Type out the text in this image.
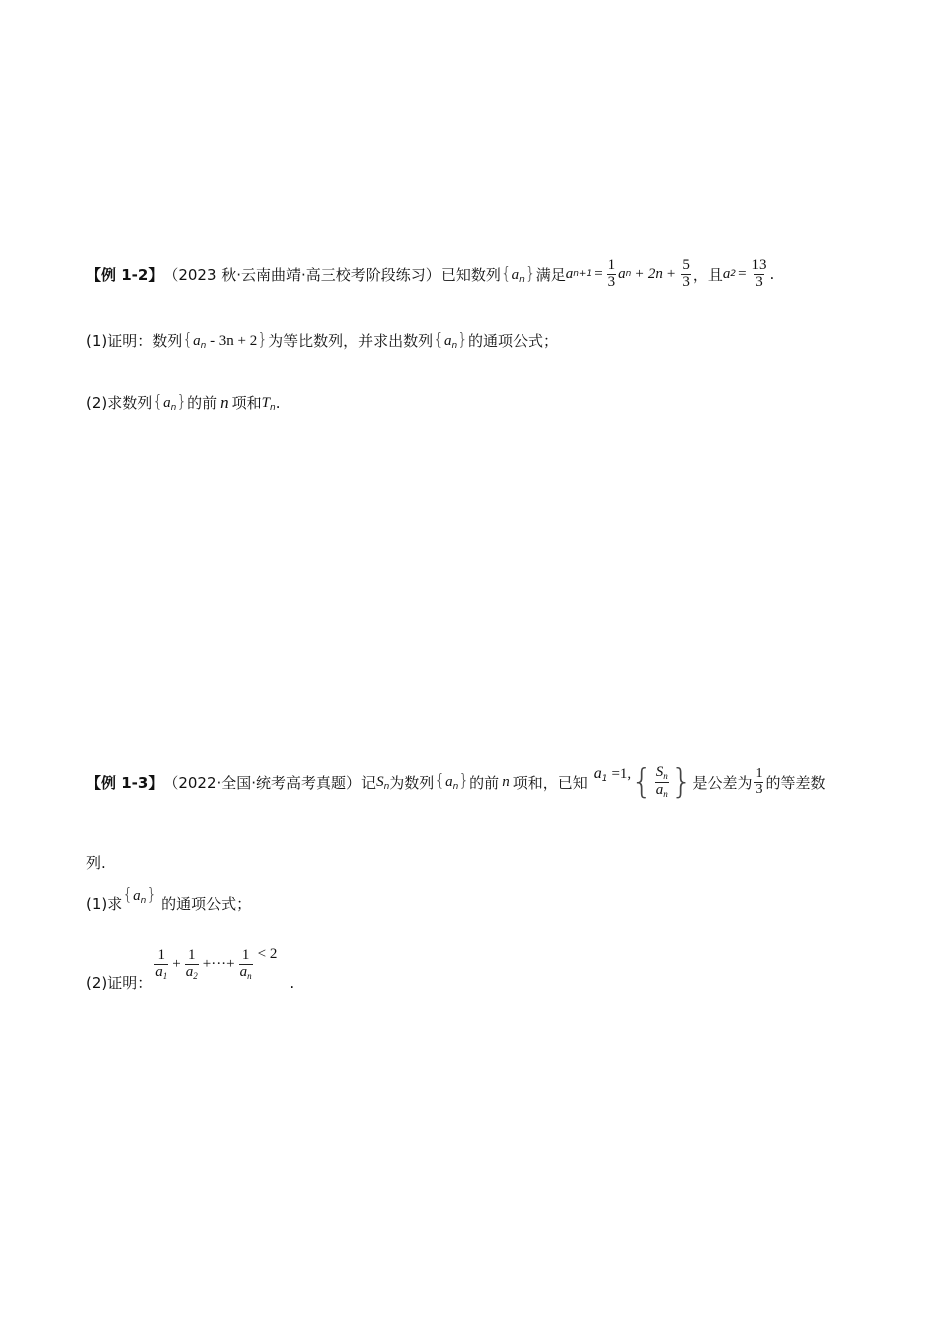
【例 1-2】 （2023 秋·云南曲靖·高三校考阶段练习） 已知数列 $\{a_n\}$ 满足 a $n+1 = \frac{1}{3}$ a $n + 2n + \frac{5}{3}$ ，且 a $2 = \frac{13}{3}$ .
(1) 证明：数列 $\{a_n - 3n + 2\}$ 为等比数列，并求出数列 $\{a_n\}$ 的通项公式；
(2) 求数列 $\{a_n\}$ 的前 n 项和 $T_n$ .
【例 1-3】 （2022·全国·统考高考真题） 记 $S_n$ 为数列 $\{a_n\}$ 的前 n 项和，已知 $a_1 =1$, { $\frac{S_n}{a_n}$ } 是公差为 $\frac{1}{3}$ 的等差数
列.
(1) 求 $\{a_n\}$ 的通项公式；
(2) 证明：
$\frac{1}{a_1} + \frac{1}{a_2}$ +···+ $\frac{1}{a_n} < 2$
.
